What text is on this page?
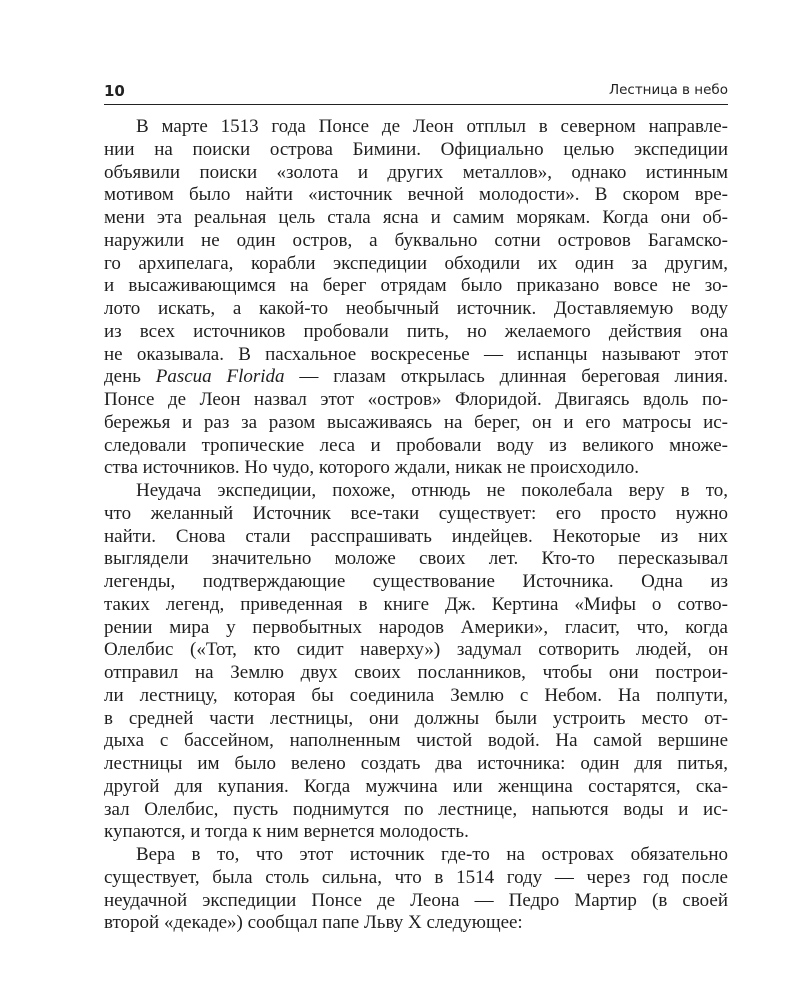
10	Лестница в небо
В марте 1513 года Понсе де Леон отплыл в северном направле-
нии на поиски острова Бимини. Официально целью экспедиции
объявили поиски «золота и других металлов», однако истинным
мотивом было найти «источник вечной молодости». В скором вре-
мени эта реальная цель стала ясна и самим морякам. Когда они об-
наружили не один остров, а буквально сотни островов Багамско-
го архипелага, корабли экспедиции обходили их один за другим,
и высаживающимся на берег отрядам было приказано вовсе не зо-
лото искать, а какой-то необычный источник. Доставляемую воду
из всех источников пробовали пить, но желаемого действия она
не оказывала. В пасхальное воскресенье — испанцы называют этот
день Pascua Florida — глазам открылась длинная береговая линия.
Понсе де Леон назвал этот «остров» Флоридой. Двигаясь вдоль по-
бережья и раз за разом высаживаясь на берег, он и его матросы ис-
следовали тропические леса и пробовали воду из великого множе-
ства источников. Но чудо, которого ждали, никак не происходило.
Неудача экспедиции, похоже, отнюдь не поколебала веру в то,
что желанный Источник все-таки существует: его просто нужно
найти. Снова стали расспрашивать индейцев. Некоторые из них
выглядели значительно моложе своих лет. Кто-то пересказывал
легенды, подтверждающие существование Источника. Одна из
таких легенд, приведенная в книге Дж. Кертина «Мифы о сотво-
рении мира у первобытных народов Америки», гласит, что, когда
Олелбис («Тот, кто сидит наверху») задумал сотворить людей, он
отправил на Землю двух своих посланников, чтобы они построи-
ли лестницу, которая бы соединила Землю с Небом. На полпути,
в средней части лестницы, они должны были устроить место от-
дыха с бассейном, наполненным чистой водой. На самой вершине
лестницы им было велено создать два источника: один для питья,
другой для купания. Когда мужчина или женщина состарятся, ска-
зал Олелбис, пусть поднимутся по лестнице, напьются воды и ис-
купаются, и тогда к ним вернется молодость.
Вера в то, что этот источник где-то на островах обязательно
существует, была столь сильна, что в 1514 году — через год после
неудачной экспедиции Понсе де Леона — Педро Мартир (в своей
второй «декаде») сообщал папе Льву X следующее:
